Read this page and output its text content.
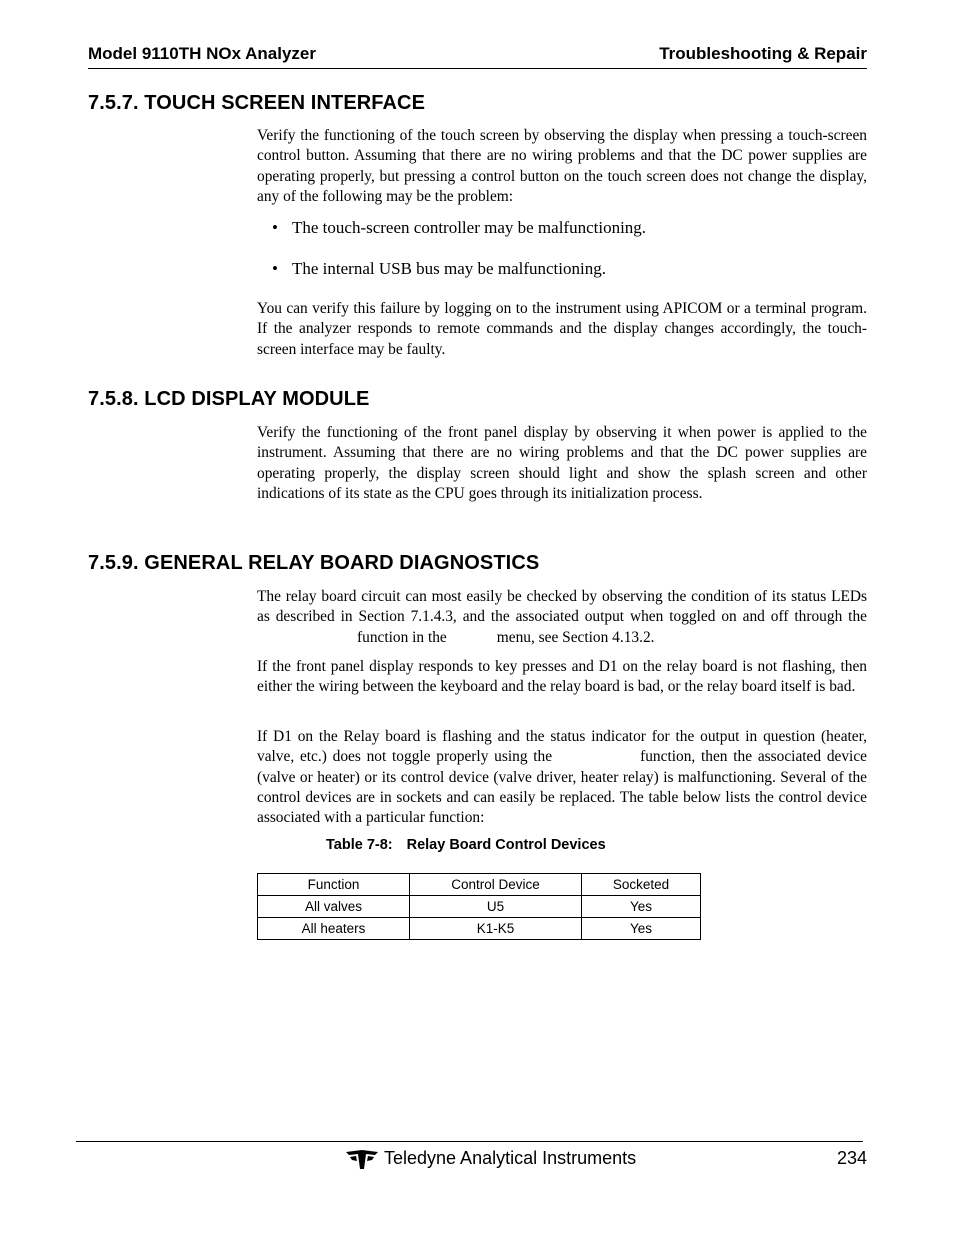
Model 9110TH NOx Analyzer	Troubleshooting & Repair
7.5.7. TOUCH SCREEN INTERFACE

Verify the functioning of the touch screen by observing the display when pressing a touch-screen control button. Assuming that there are no wiring problems and that the DC power supplies are operating properly, but pressing a control button on the touch screen does not change the display, any of the following may be the problem:

• The touch-screen controller may be malfunctioning.
• The internal USB bus may be malfunctioning.

You can verify this failure by logging on to the instrument using APICOM or a terminal program. If the analyzer responds to remote commands and the display changes accordingly, the touch-screen interface may be faulty.

7.5.8. LCD DISPLAY MODULE

Verify the functioning of the front panel display by observing it when power is applied to the instrument. Assuming that there are no wiring problems and that the DC power supplies are operating properly, the display screen should light and show the splash screen and other indications of its state as the CPU goes through its initialization process.

7.5.9. GENERAL RELAY BOARD DIAGNOSTICS

The relay board circuit can most easily be checked by observing the condition of its status LEDs as described in Section 7.1.4.3, and the associated output when toggled on and off through thefunction in the	menu, see Section 4.13.2.

If the front panel display responds to key presses and D1 on the relay board is not flashing, then either the wiring between the keyboard and the relay board is bad, or the relay board itself is bad.

If D1 on the Relay board is flashing and the status indicator for the output in question (heater, valve, etc.) does not toggle properly using the	function, then the associated device (valve or heater) or its control device (valve driver, heater relay) is malfunctioning. Several of the control devices are in sockets and can easily be replaced. The table below lists the control device associated with a particular function:

Table 7-8: Relay Board Control Devices
Function	Control Device	Socketed
All valves	U5	Yes
All heaters	K1-K5	Yes
Teledyne Analytical Instruments	234
